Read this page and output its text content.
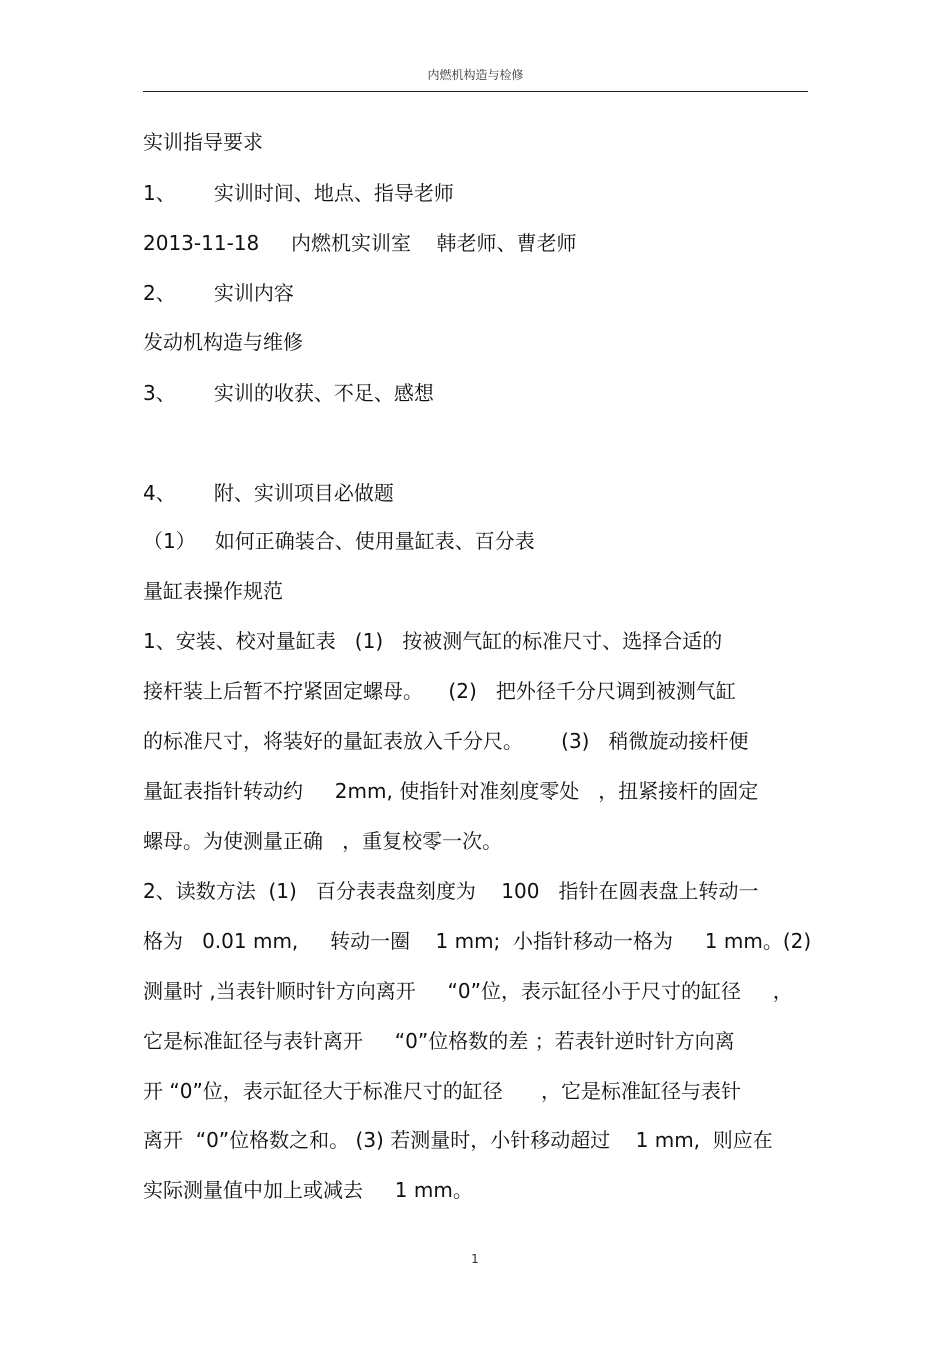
内燃机构造与检修
实训指导要求
1、      实训时间、地点、指导老师
2013-11-18     内燃机实训室    韩老师、曹老师
2、      实训内容
发动机构造与维修
3、      实训的收获、不足、感想
4、      附、实训项目必做题
（1）   如何正确装合、使用量缸表、百分表
量缸表操作规范
1、安装、校对量缸表   (1)   按被测气缸的标准尺寸、选择合适的
接杆装上后暂不拧紧固定螺母。    (2)   把外径千分尺调到被测气缸
的标准尺寸，将装好的量缸表放入千分尺。      (3)   稍微旋动接杆便
量缸表指针转动约     2mm, 使指针对准刻度零处   ，扭紧接杆的固定
螺母。为使测量正确   ，重复校零一次。
2、读数方法  (1)   百分表表盘刻度为    100   指针在圆表盘上转动一
格为   0.01 mm,     转动一圈    1 mm;  小指针移动一格为     1 mm。(2)
测量时 ,当表针顺时针方向离开     “0”位，表示缸径小于尺寸的缸径     ，
它是标准缸径与表针离开     “0”位格数的差 ；若表针逆时针方向离
开 “0”位，表示缸径大于标准尺寸的缸径      ，它是标准缸径与表针
离开  “0”位格数之和。 (3) 若测量时，小针移动超过    1 mm,  则应在
实际测量值中加上或减去     1 mm。
1
